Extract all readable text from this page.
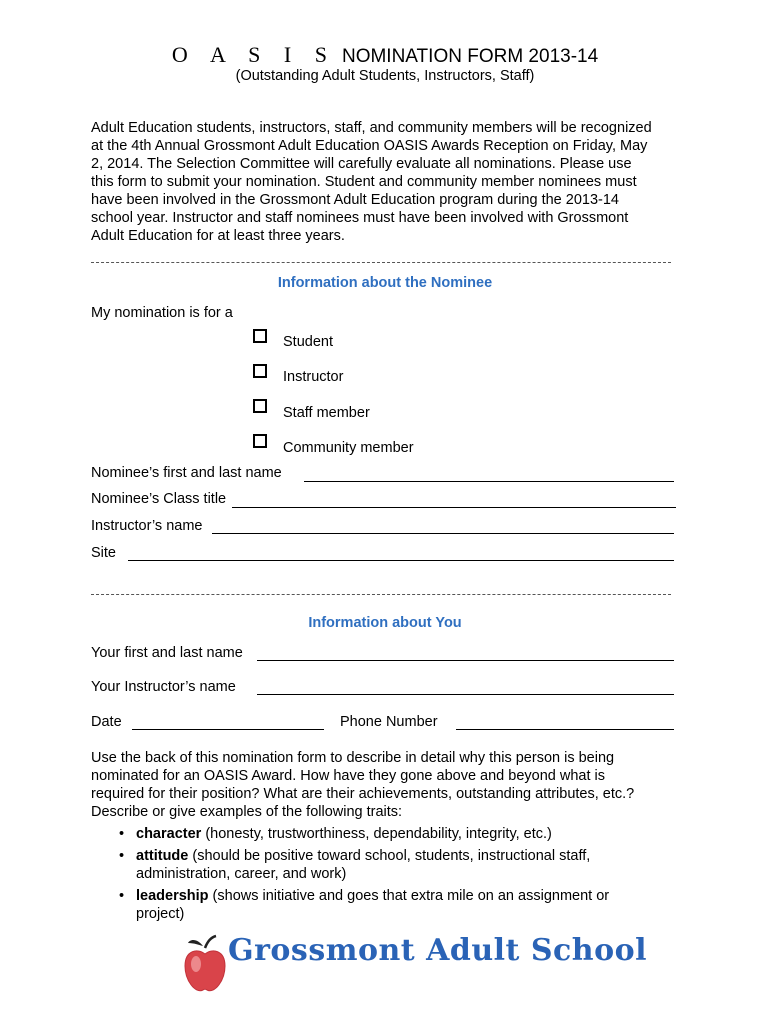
O A S I S NOMINATION FORM 2013-14
(Outstanding Adult Students, Instructors, Staff)
Adult Education students, instructors, staff, and community members will be recognized
at the 4th Annual Grossmont Adult Education OASIS Awards Reception on Friday, May
2, 2014. The Selection Committee will carefully evaluate all nominations. Please use
this form to submit your nomination. Student and community member nominees must
have been involved in the Grossmont Adult Education program during the 2013-14
school year. Instructor and staff nominees must have been involved with Grossmont
Adult Education for at least three years.
Information about the Nominee
My nomination is for a
Student
Instructor
Staff member
Community member
Nominee’s first and last name
Nominee’s Class title
Instructor’s name
Site
Information about You
Your first and last name
Your Instructor’s name
Date	Phone Number
Use the back of this nomination form to describe in detail why this person is being
nominated for an OASIS Award. How have they gone above and beyond what is
required for their position? What are their achievements, outstanding attributes, etc.?
Describe or give examples of the following traits:
• character (honesty, trustworthiness, dependability, integrity, etc.)
• attitude (should be positive toward school, students, instructional staff, administration, career, and work)
• leadership (shows initiative and goes that extra mile on an assignment or project)
Grossmont Adult School
